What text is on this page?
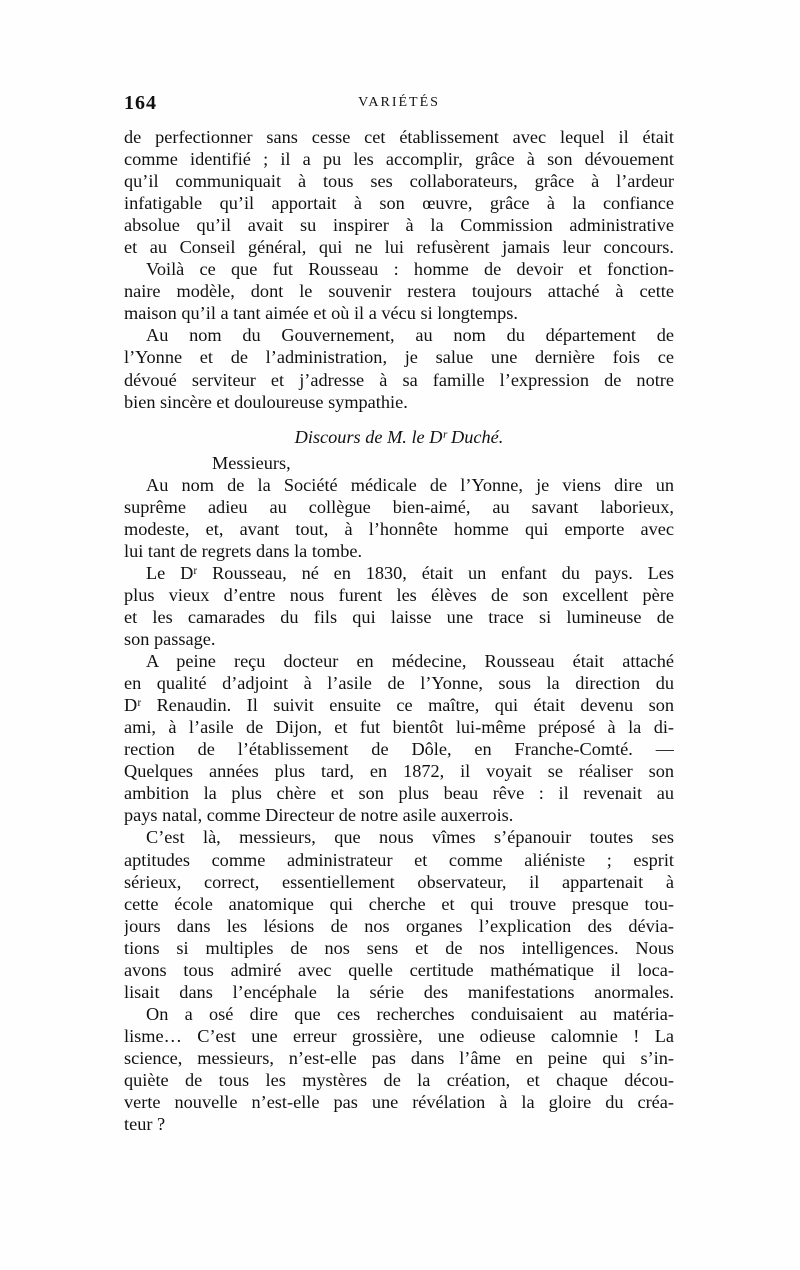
164	VARIÉTÉS
de perfectionner sans cesse cet établissement avec lequel il était
comme identifié ; il a pu les accomplir, grâce à son dévouement
qu’il communiquait à tous ses collaborateurs, grâce à l’ardeur
infatigable qu’il apportait à son œuvre, grâce à la confiance
absolue qu’il avait su inspirer à la Commission administrative
et au Conseil général, qui ne lui refusèrent jamais leur concours.
Voilà ce que fut Rousseau : homme de devoir et fonction-
naire modèle, dont le souvenir restera toujours attaché à cette
maison qu’il a tant aimée et où il a vécu si longtemps.
Au nom du Gouvernement, au nom du département de
l’Yonne et de l’administration, je salue une dernière fois ce
dévoué serviteur et j’adresse à sa famille l’expression de notre
bien sincère et douloureuse sympathie.
Discours de M. le Dʳ Duché.
Messieurs,
Au nom de la Société médicale de l’Yonne, je viens dire un
suprême adieu au collègue bien-aimé, au savant laborieux,
modeste, et, avant tout, à l’honnête homme qui emporte avec
lui tant de regrets dans la tombe.
Le Dʳ Rousseau, né en 1830, était un enfant du pays. Les
plus vieux d’entre nous furent les élèves de son excellent père
et les camarades du fils qui laisse une trace si lumineuse de
son passage.
A peine reçu docteur en médecine, Rousseau était attaché
en qualité d’adjoint à l’asile de l’Yonne, sous la direction du
Dʳ Renaudin. Il suivit ensuite ce maître, qui était devenu son
ami, à l’asile de Dijon, et fut bientôt lui-même préposé à la di-
rection de l’établissement de Dôle, en Franche-Comté. —
Quelques années plus tard, en 1872, il voyait se réaliser son
ambition la plus chère et son plus beau rêve : il revenait au
pays natal, comme Directeur de notre asile auxerrois.
C’est là, messieurs, que nous vîmes s’épanouir toutes ses
aptitudes comme administrateur et comme aliéniste ; esprit
sérieux, correct, essentiellement observateur, il appartenait à
cette école anatomique qui cherche et qui trouve presque tou-
jours dans les lésions de nos organes l’explication des dévia-
tions si multiples de nos sens et de nos intelligences. Nous
avons tous admiré avec quelle certitude mathématique il loca-
lisait dans l’encéphale la série des manifestations anormales.
On a osé dire que ces recherches conduisaient au matéria-
lisme… C’est une erreur grossière, une odieuse calomnie ! La
science, messieurs, n’est-elle pas dans l’âme en peine qui s’in-
quiète de tous les mystères de la création, et chaque décou-
verte nouvelle n’est-elle pas une révélation à la gloire du créa-
teur ?
